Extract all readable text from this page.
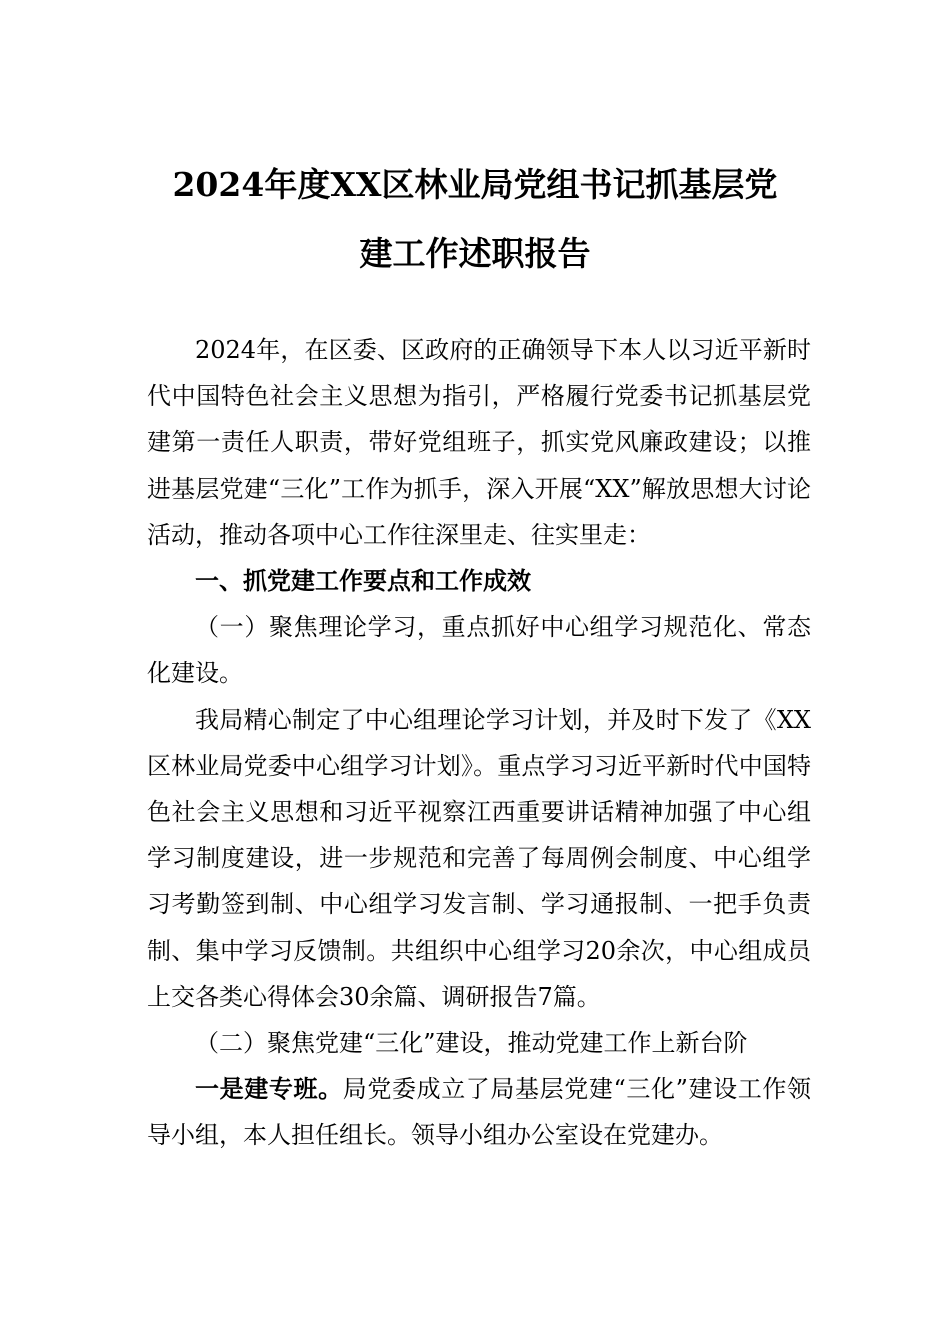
2024年度XX区林业局党组书记抓基层党
建工作述职报告

2024年，在区委、区政府的正确领导下本人以习近平新时代中国特色社会主义思想为指引，严格履行党委书记抓基层党建第一责任人职责，带好党组班子，抓实党风廉政建设；以推进基层党建“三化”工作为抓手，深入开展“XX”解放思想大讨论活动，推动各项中心工作往深里走、往实里走：

一、抓党建工作要点和工作成效

（一）聚焦理论学习，重点抓好中心组学习规范化、常态化建设。

我局精心制定了中心组理论学习计划，并及时下发了《XX区林业局党委中心组学习计划》。重点学习习近平新时代中国特色社会主义思想和习近平视察江西重要讲话精神加强了中心组学习制度建设，进一步规范和完善了每周例会制度、中心组学习考勤签到制、中心组学习发言制、学习通报制、一把手负责制、集中学习反馈制。共组织中心组学习20余次，中心组成员上交各类心得体会30余篇、调研报告7篇。

（二）聚焦党建“三化”建设，推动党建工作上新台阶

一是建专班。局党委成立了局基层党建“三化”建设工作领导小组，本人担任组长。领导小组办公室设在党建办。
